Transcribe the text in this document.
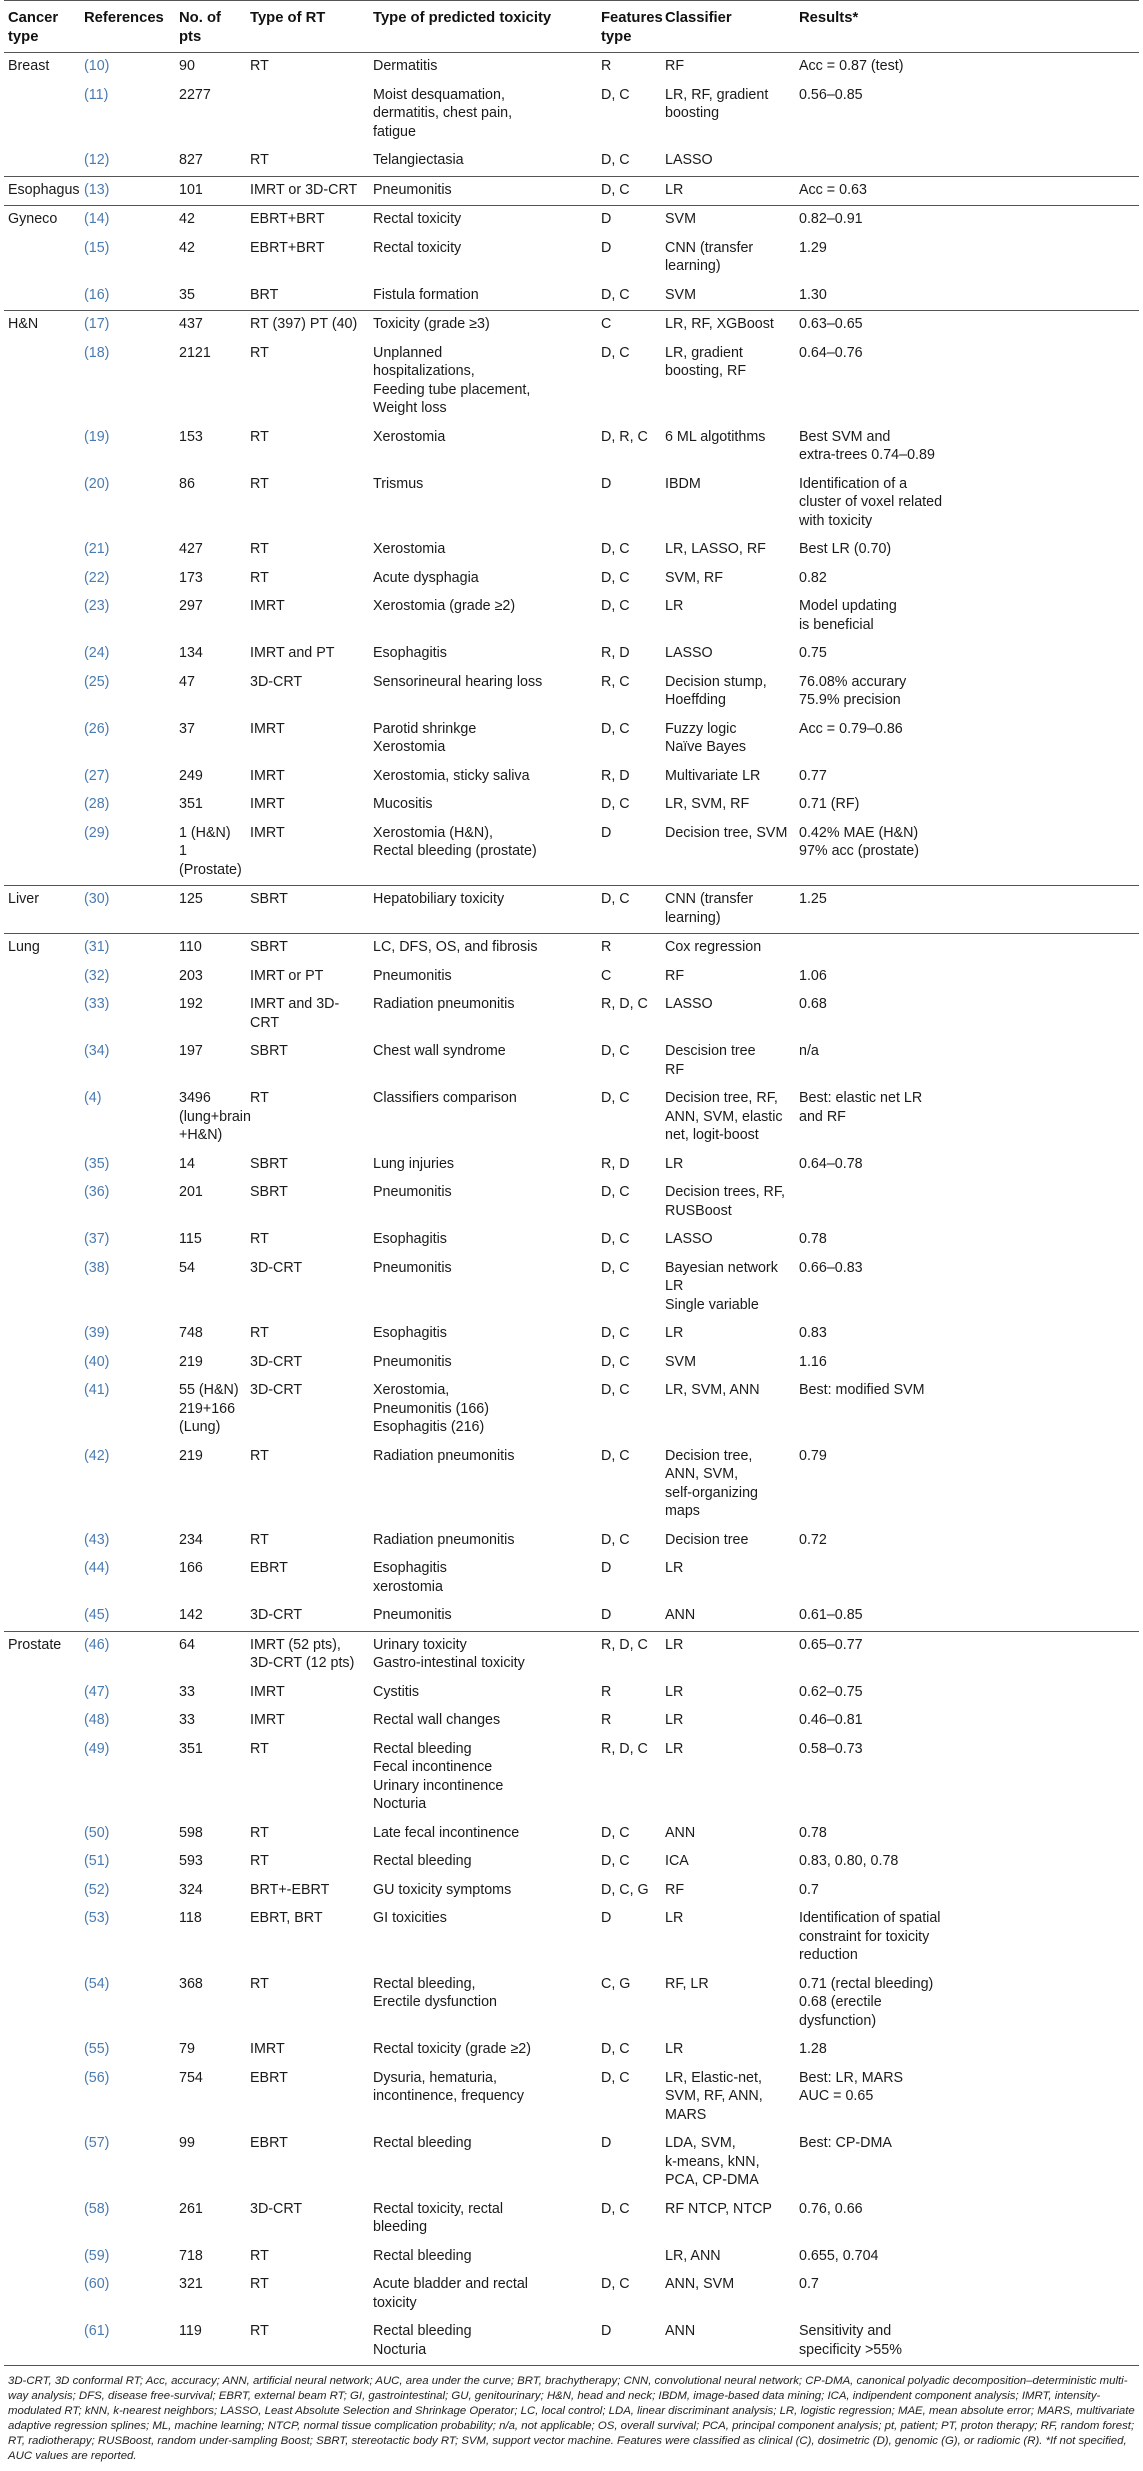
Cancer type	References	No. of pts	Type of RT	Type of predicted toxicity	Features type	Classifier	Results*
Breast	(10)	90	RT	Dermatitis	R	RF	Acc = 0.87 (test)
	(11)	2277		Moist desquamation,
dermatitis, chest pain,
fatigue	D, C	LR, RF, gradient
boosting	0.56–0.85
	(12)	827	RT	Telangiectasia	D, C	LASSO	
Esophagus	(13)	101	IMRT or 3D-CRT	Pneumonitis	D, C	LR	Acc = 0.63
Gyneco	(14)	42	EBRT+BRT	Rectal toxicity	D	SVM	0.82–0.91
	(15)	42	EBRT+BRT	Rectal toxicity	D	CNN (transfer
learning)	1.29
	(16)	35	BRT	Fistula formation	D, C	SVM	1.30
H&N	(17)	437	RT (397) PT (40)	Toxicity (grade ≥3)	C	LR, RF, XGBoost	0.63–0.65
	(18)	2121	RT	Unplanned
hospitalizations,
Feeding tube placement,
Weight loss	D, C	LR, gradient
boosting, RF	0.64–0.76
	(19)	153	RT	Xerostomia	D, R, C	6 ML algotithms	Best SVM and
extra-trees 0.74–0.89
	(20)	86	RT	Trismus	D	IBDM	Identification of a
cluster of voxel related
with toxicity
	(21)	427	RT	Xerostomia	D, C	LR, LASSO, RF	Best LR (0.70)
	(22)	173	RT	Acute dysphagia	D, C	SVM, RF	0.82
	(23)	297	IMRT	Xerostomia (grade ≥2)	D, C	LR	Model updating
is beneficial
	(24)	134	IMRT and PT	Esophagitis	R, D	LASSO	0.75
	(25)	47	3D-CRT	Sensorineural hearing loss	R, C	Decision stump,
Hoeffding	76.08% accurary
75.9% precision
	(26)	37	IMRT	Parotid shrinkge
Xerostomia	D, C	Fuzzy logic
Naïve Bayes	Acc = 0.79–0.86
	(27)	249	IMRT	Xerostomia, sticky saliva	R, D	Multivariate LR	0.77
	(28)	351	IMRT	Mucositis	D, C	LR, SVM, RF	0.71 (RF)
	(29)	1 (H&N)
1 (Prostate)	IMRT	Xerostomia (H&N),
Rectal bleeding (prostate)	D	Decision tree, SVM	0.42% MAE (H&N)
97% acc (prostate)
Liver	(30)	125	SBRT	Hepatobiliary toxicity	D, C	CNN (transfer
learning)	1.25
Lung	(31)	110	SBRT	LC, DFS, OS, and fibrosis	R	Cox regression	
	(32)	203	IMRT or PT	Pneumonitis	C	RF	1.06
	(33)	192	IMRT and 3D-CRT	Radiation pneumonitis	R, D, C	LASSO	0.68
	(34)	197	SBRT	Chest wall syndrome	D, C	Descision tree
RF	n/a
	(4)	3496 (lung+brain
+H&N)	RT	Classifiers comparison	D, C	Decision tree, RF,
ANN, SVM, elastic
net, logit-boost	Best: elastic net LR
and RF
	(35)	14	SBRT	Lung injuries	R, D	LR	0.64–0.78
	(36)	201	SBRT	Pneumonitis	D, C	Decision trees, RF,
RUSBoost	
	(37)	115	RT	Esophagitis	D, C	LASSO	0.78
	(38)	54	3D-CRT	Pneumonitis	D, C	Bayesian network
LR
Single variable	0.66–0.83
	(39)	748	RT	Esophagitis	D, C	LR	0.83
	(40)	219	3D-CRT	Pneumonitis	D, C	SVM	1.16
	(41)	55 (H&N)
219+166
(Lung)	3D-CRT	Xerostomia,
Pneumonitis (166)
Esophagitis (216)	D, C	LR, SVM, ANN	Best: modified SVM
	(42)	219	RT	Radiation pneumonitis	D, C	Decision tree,
ANN, SVM,
self-organizing
maps	0.79
	(43)	234	RT	Radiation pneumonitis	D, C	Decision tree	0.72
	(44)	166	EBRT	Esophagitis
xerostomia	D	LR	
	(45)	142	3D-CRT	Pneumonitis	D	ANN	0.61–0.85
Prostate	(46)	64	IMRT (52 pts),
3D-CRT (12 pts)	Urinary toxicity
Gastro-intestinal toxicity	R, D, C	LR	0.65–0.77
	(47)	33	IMRT	Cystitis	R	LR	0.62–0.75
	(48)	33	IMRT	Rectal wall changes	R	LR	0.46–0.81
	(49)	351	RT	Rectal bleeding
Fecal incontinence
Urinary incontinence
Nocturia	R, D, C	LR	0.58–0.73
	(50)	598	RT	Late fecal incontinence	D, C	ANN	0.78
	(51)	593	RT	Rectal bleeding	D, C	ICA	0.83, 0.80, 0.78
	(52)	324	BRT+-EBRT	GU toxicity symptoms	D, C, G	RF	0.7
	(53)	118	EBRT, BRT	GI toxicities	D	LR	Identification of spatial
constraint for toxicity
reduction
	(54)	368	RT	Rectal bleeding,
Erectile dysfunction	C, G	RF, LR	0.71 (rectal bleeding)
0.68 (erectile
dysfunction)
	(55)	79	IMRT	Rectal toxicity (grade ≥2)	D, C	LR	1.28
	(56)	754	EBRT	Dysuria, hematuria,
incontinence, frequency	D, C	LR, Elastic-net,
SVM, RF, ANN,
MARS	Best: LR, MARS
AUC = 0.65
	(57)	99	EBRT	Rectal bleeding	D	LDA, SVM,
k-means, kNN,
PCA, CP-DMA	Best: CP-DMA
	(58)	261	3D-CRT	Rectal toxicity, rectal
bleeding	D, C	RF NTCP, NTCP	0.76, 0.66
	(59)	718	RT	Rectal bleeding		LR, ANN	0.655, 0.704
	(60)	321	RT	Acute bladder and rectal
toxicity	D, C	ANN, SVM	0.7
	(61)	119	RT	Rectal bleeding
Nocturia	D	ANN	Sensitivity and
specificity >55%
3D-CRT, 3D conformal RT; Acc, accuracy; ANN, artificial neural network; AUC, area under the curve; BRT, brachytherapy; CNN, convolutional neural network; CP-DMA, canonical polyadic decomposition–deterministic multi-way analysis; DFS, disease free-survival; EBRT, external beam RT; GI, gastrointestinal; GU, genitourinary; H&N, head and neck; IBDM, image-based data mining; ICA, indipendent component analysis; IMRT, intensity-modulated RT; kNN, k-nearest neighbors; LASSO, Least Absolute Selection and Shrinkage Operator; LC, local control; LDA, linear discriminant analysis; LR, logistic regression; MAE, mean absolute error; MARS, multivariate adaptive regression splines; ML, machine learning; NTCP, normal tissue complication probability; n/a, not applicable; OS, overall survival; PCA, principal component analysis; pt, patient; PT, proton therapy; RF, random forest; RT, radiotherapy; RUSBoost, random under-sampling Boost; SBRT, stereotactic body RT; SVM, support vector machine. Features were classified as clinical (C), dosimetric (D), genomic (G), or radiomic (R). *If not specified, AUC values are reported.
